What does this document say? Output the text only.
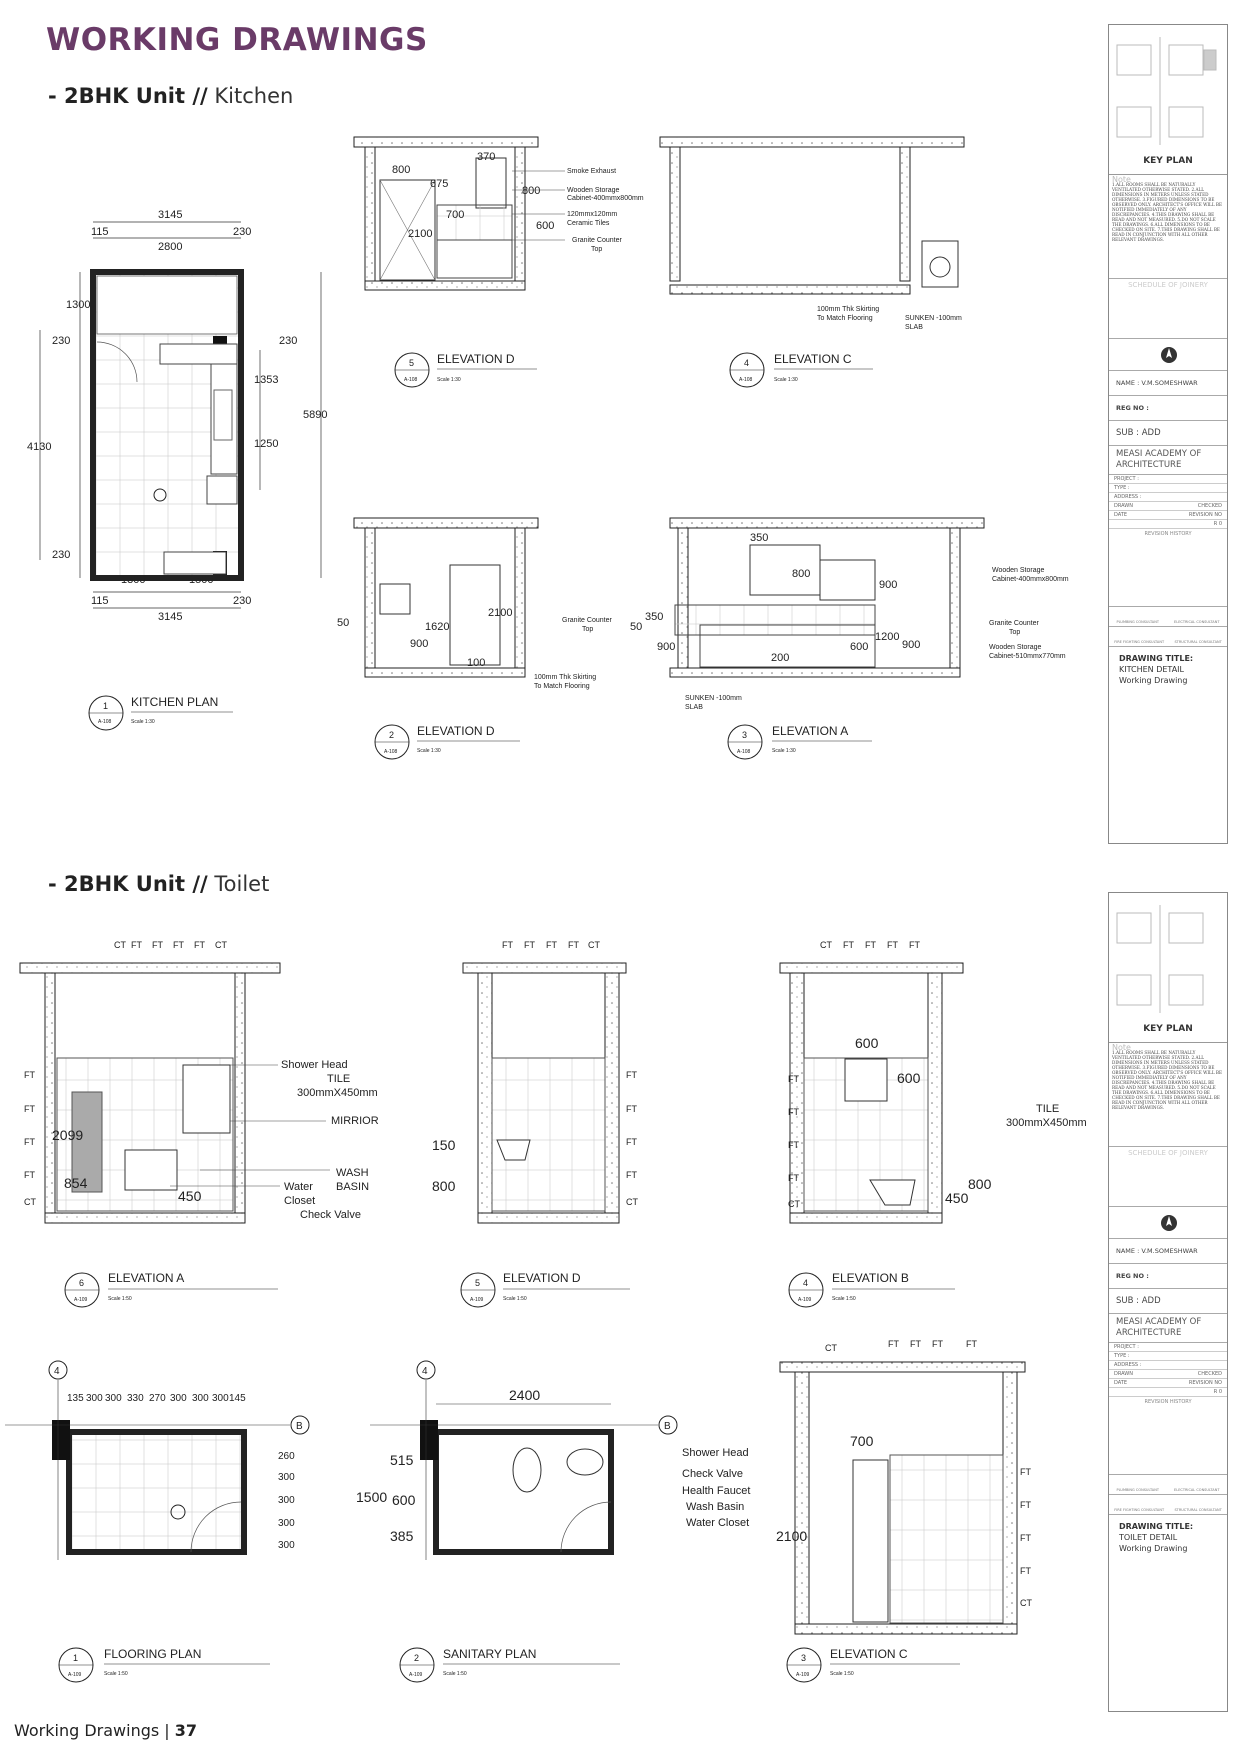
WORKING DRAWINGS
- 2BHK Unit // Kitchen
- 2BHK Unit // Toilet
3145
115
2800
230
1300
230	230
1353
5890
4130	1250
230
1300	1500
115	230
3145
1
A-108
KITCHEN PLAN
Scale 1:30
370
800
675
800
700
600
2100
Smoke Exhaust
Wooden Storage
Cabinet-400mmx800mm
120mmx120mm
Ceramic Tiles
Granite Counter
Top
5
A-108
ELEVATION D
Scale 1:30
100mm Thk Skirting
To Match Flooring	SUNKEN -100mm
SLAB
4
A-108
ELEVATION C
Scale 1:30
50	1620
2100
900
100
Granite Counter
Top
100mm Thk Skirting
To Match Flooring
2
A-108
ELEVATION D
Scale 1:30
350
800
900
350
50
900
1200
900
600
200
Wooden Storage
Cabinet-400mmx800mm
Granite Counter
Top
Wooden Storage
Cabinet-510mmx770mm
SUNKEN -100mm
SLAB
3
A-108
ELEVATION A
Scale 1:30
CT FT FT FT FT CT
FT
FT
FT
FT
CT
2099
854
450
Shower Head
TILE
300mmX450mm
MIRRIOR
WASH
BASIN
Water
Closet
Check Valve
6
A-109
ELEVATION A
Scale 1:50
FT FT FT FT CT
FT
FT
FT
FT
CT
150
800
5
A-109
ELEVATION D
Scale 1:50
CT FT FT FT FT
FT
FT
FT
FT
CT
600
600
800
450
TILE
300mmX450mm
4
A-109
ELEVATION B
Scale 1:50
4
B
135 300 300 330 270 300 300 300 145
260
300
300
300
300
1
A-109
FLOORING PLAN
Scale 1:50
4
B
2400
515
1500 600
385
Shower Head
Check Valve
Health Faucet
Wash Basin
Water Closet
2
A-109
SANITARY PLAN
Scale 1:50
CT	FT FT FT	FT
FT
FT
FT
FT
CT
700
2100
3
A-109
ELEVATION C
Scale 1:50
KEY PLAN
Note
1.ALL ROOMS SHALL BE NATURALLY VENTILATED OTHERWISE STATED. 2.ALL DIMENSIONS IN METERS UNLESS STATED OTHERWISE. 3.FIGURED DIMENSIONS TO BE OBSERVED ONLY. ARCHITECT'S OFFICE WILL BE NOTIFIED IMMEDIATELY OF ANY DISCREPANCIES. 4.THIS DRAWING SHALL BE READ AND NOT MEASURED. 5.DO NOT SCALE THE DRAWINGS. 6.ALL DIMENSIONS TO BE CHECKED ON SITE. 7.THIS DRAWING SHALL BE READ IN CONJUNCTION WITH ALL OTHER RELEVANT DRAWINGS.
SCHEDULE OF JOINERY
NAME : V.M.SOMESHWAR
REG NO :
SUB : ADD
MEASI ACADEMY OF ARCHITECTURE
PROJECT :
TYPE :
ADDRESS :
DRAWN	CHECKED
DATE	REVISION NO
R 0
REVISION HISTORY
PLUMBING CONSULTANT	ELECTRICAL CONSULTANT
FIRE FIGHTING CONSULTANT	STRUCTURAL CONSULTANT
DRAWING TITLE:
KITCHEN DETAIL
Working Drawing
KEY PLAN
Note
1.ALL ROOMS SHALL BE NATURALLY VENTILATED OTHERWISE STATED. 2.ALL DIMENSIONS IN METERS UNLESS STATED OTHERWISE. 3.FIGURED DIMENSIONS TO BE OBSERVED ONLY. ARCHITECT'S OFFICE WILL BE NOTIFIED IMMEDIATELY OF ANY DISCREPANCIES. 4.THIS DRAWING SHALL BE READ AND NOT MEASURED. 5.DO NOT SCALE THE DRAWINGS. 6.ALL DIMENSIONS TO BE CHECKED ON SITE. 7.THIS DRAWING SHALL BE READ IN CONJUNCTION WITH ALL OTHER RELEVANT DRAWINGS.
SCHEDULE OF JOINERY
NAME : V.M.SOMESHWAR
REG NO :
SUB : ADD
MEASI ACADEMY OF ARCHITECTURE
PROJECT :
TYPE :
ADDRESS :
DRAWN	CHECKED
DATE	REVISION NO
R 0
REVISION HISTORY
PLUMBING CONSULTANT	ELECTRICAL CONSULTANT
FIRE FIGHTING CONSULTANT	STRUCTURAL CONSULTANT
DRAWING TITLE:
TOILET DETAIL
Working Drawing
Working Drawings | 37
